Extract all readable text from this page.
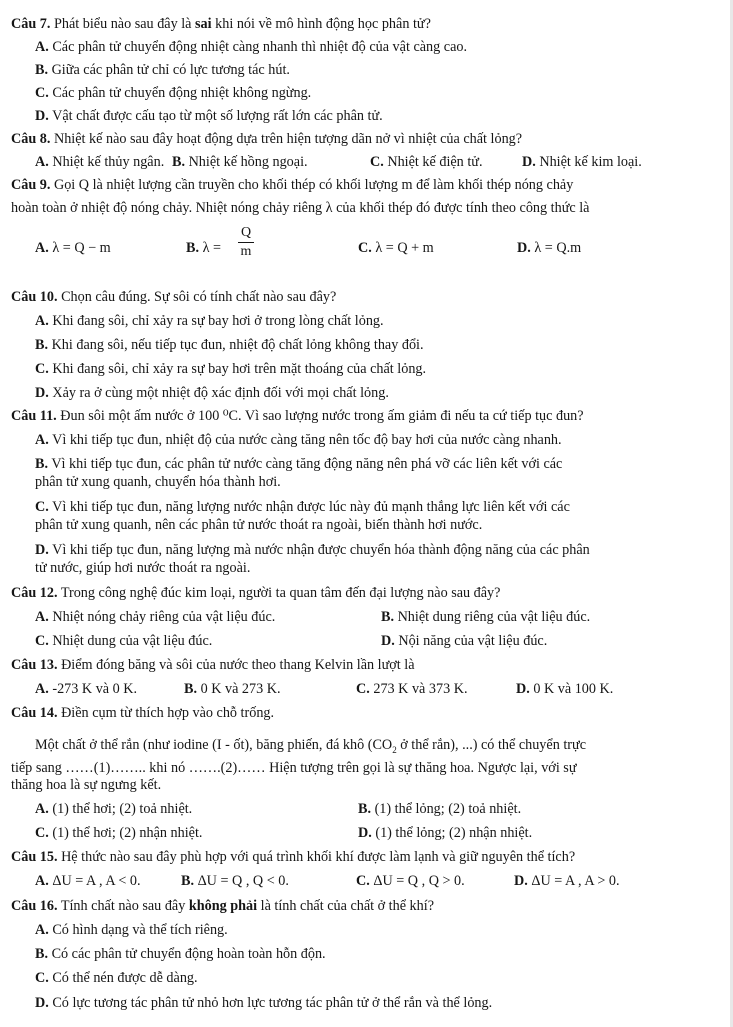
Câu 7. Phát biểu nào sau đây là sai khi nói về mô hình động học phân tử?
A. Các phân tử chuyển động nhiệt càng nhanh thì nhiệt độ của vật càng cao.
B. Giữa các phân tử chỉ có lực tương tác hút.
C. Các phân tử chuyển động nhiệt không ngừng.
D. Vật chất được cấu tạo từ một số lượng rất lớn các phân tử.
Câu 8. Nhiệt kế nào sau đây hoạt động dựa trên hiện tượng dãn nở vì nhiệt của chất lỏng?
A. Nhiệt kế thủy ngân. B. Nhiệt kế hồng ngoại.	C. Nhiệt kế điện tử.	D. Nhiệt kế kim loại.
Câu 9. Gọi Q là nhiệt lượng cần truyền cho khối thép có khối lượng m để làm khối thép nóng chảy
hoàn toàn ở nhiệt độ nóng chảy. Nhiệt nóng chảy riêng λ của khối thép đó được tính theo công thức là
A. λ = Q − m	B. λ =
Q
m	C. λ = Q + m	D. λ = Q.m
Câu 10. Chọn câu đúng. Sự sôi có tính chất nào sau đây?
A. Khi đang sôi, chỉ xảy ra sự bay hơi ở trong lòng chất lỏng.
B. Khi đang sôi, nếu tiếp tục đun, nhiệt độ chất lỏng không thay đổi.
C. Khi đang sôi, chỉ xảy ra sự bay hơi trên mặt thoáng của chất lỏng.
D. Xảy ra ở cùng một nhiệt độ xác định đối với mọi chất lỏng.
Câu 11. Đun sôi một ấm nước ở 100 ⁰C. Vì sao lượng nước trong ấm giảm đi nếu ta cứ tiếp tục đun?
A. Vì khi tiếp tục đun, nhiệt độ của nước càng tăng nên tốc độ bay hơi của nước càng nhanh.
B. Vì khi tiếp tục đun, các phân tử nước càng tăng động năng nên phá vỡ các liên kết với các
phân tử xung quanh, chuyển hóa thành hơi.
C. Vì khi tiếp tục đun, năng lượng nước nhận được lúc này đủ mạnh thắng lực liên kết với các
phân tử xung quanh, nên các phân tử nước thoát ra ngoài, biến thành hơi nước.
D. Vì khi tiếp tục đun, năng lượng mà nước nhận được chuyển hóa thành động năng của các phân
tử nước, giúp hơi nước thoát ra ngoài.
Câu 12. Trong công nghệ đúc kim loại, người ta quan tâm đến đại lượng nào sau đây?
A. Nhiệt nóng chảy riêng của vật liệu đúc.	B. Nhiệt dung riêng của vật liệu đúc.
C. Nhiệt dung của vật liệu đúc.	D. Nội năng của vật liệu đúc.
Câu 13. Điểm đóng băng và sôi của nước theo thang Kelvin lần lượt là
A. -273 K và 0 K.	B. 0 K và 273 K.	C. 273 K và 373 K.	D. 0 K và 100 K.
Câu 14. Điền cụm từ thích hợp vào chỗ trống.
Một chất ở thể rắn (như iodine (I - ốt), băng phiến, đá khô ($CO_2$ ở thể rắn), ...) có thể chuyển trực
tiếp sang ……(1)…….. khi nó …….(2)…… Hiện tượng trên gọi là sự thăng hoa. Ngược lại, với sự
thăng hoa là sự ngưng kết.
A. (1) thể hơi; (2) toả nhiệt.	B. (1) thể lỏng; (2) toả nhiệt.
C. (1) thể hơi; (2) nhận nhiệt.	D. (1) thể lỏng; (2) nhận nhiệt.
Câu 15. Hệ thức nào sau đây phù hợp với quá trình khối khí được làm lạnh và giữ nguyên thể tích?
A. ΔU = A , A < 0.	B. ΔU = Q , Q < 0.	C. ΔU = Q , Q > 0.	D. ΔU = A , A > 0.
Câu 16. Tính chất nào sau đây không phải là tính chất của chất ở thể khí?
A. Có hình dạng và thể tích riêng.
B. Có các phân tử chuyển động hoàn toàn hỗn độn.
C. Có thể nén được dễ dàng.
D. Có lực tương tác phân tử nhỏ hơn lực tương tác phân tử ở thể rắn và thể lỏng.
